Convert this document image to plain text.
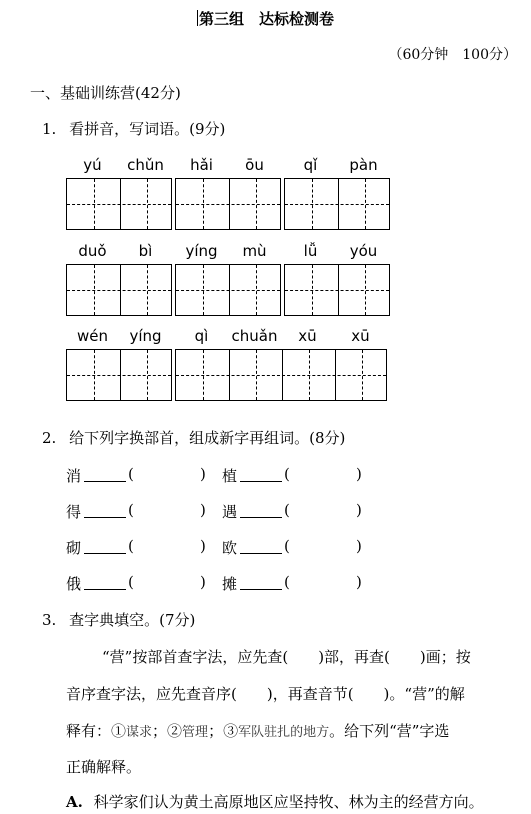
第三组　达标检测卷
（60分钟　100分）
一、基础训练营(42分)
1. 看拼音，写词语。(9分)
yú	chǔn	hǎi	ōu	qǐ	pàn
duǒ	bì	yíng	mù	lǚ	yóu
wén	yíng	qì	chuǎn	xū	xū
2. 给下列字换部首，组成新字再组词。(8分)
消	(	) 植	(	)
得	(	) 遇	(	)
砌	(	) 欧	(	)
俄	(	) 摊	(	)
3. 查字典填空。(7分)
“营”按部首查字法，应先查(　　)部，再查(　　)画；按
音序查字法，应先查音序(　　)，再查音节(　　)。“营”的解
释有：①谋求；②管理；③军队驻扎的地方。给下列“营”字选
正确解释。
A. 科学家们认为黄土高原地区应坚持牧、林为主的经营方向。
